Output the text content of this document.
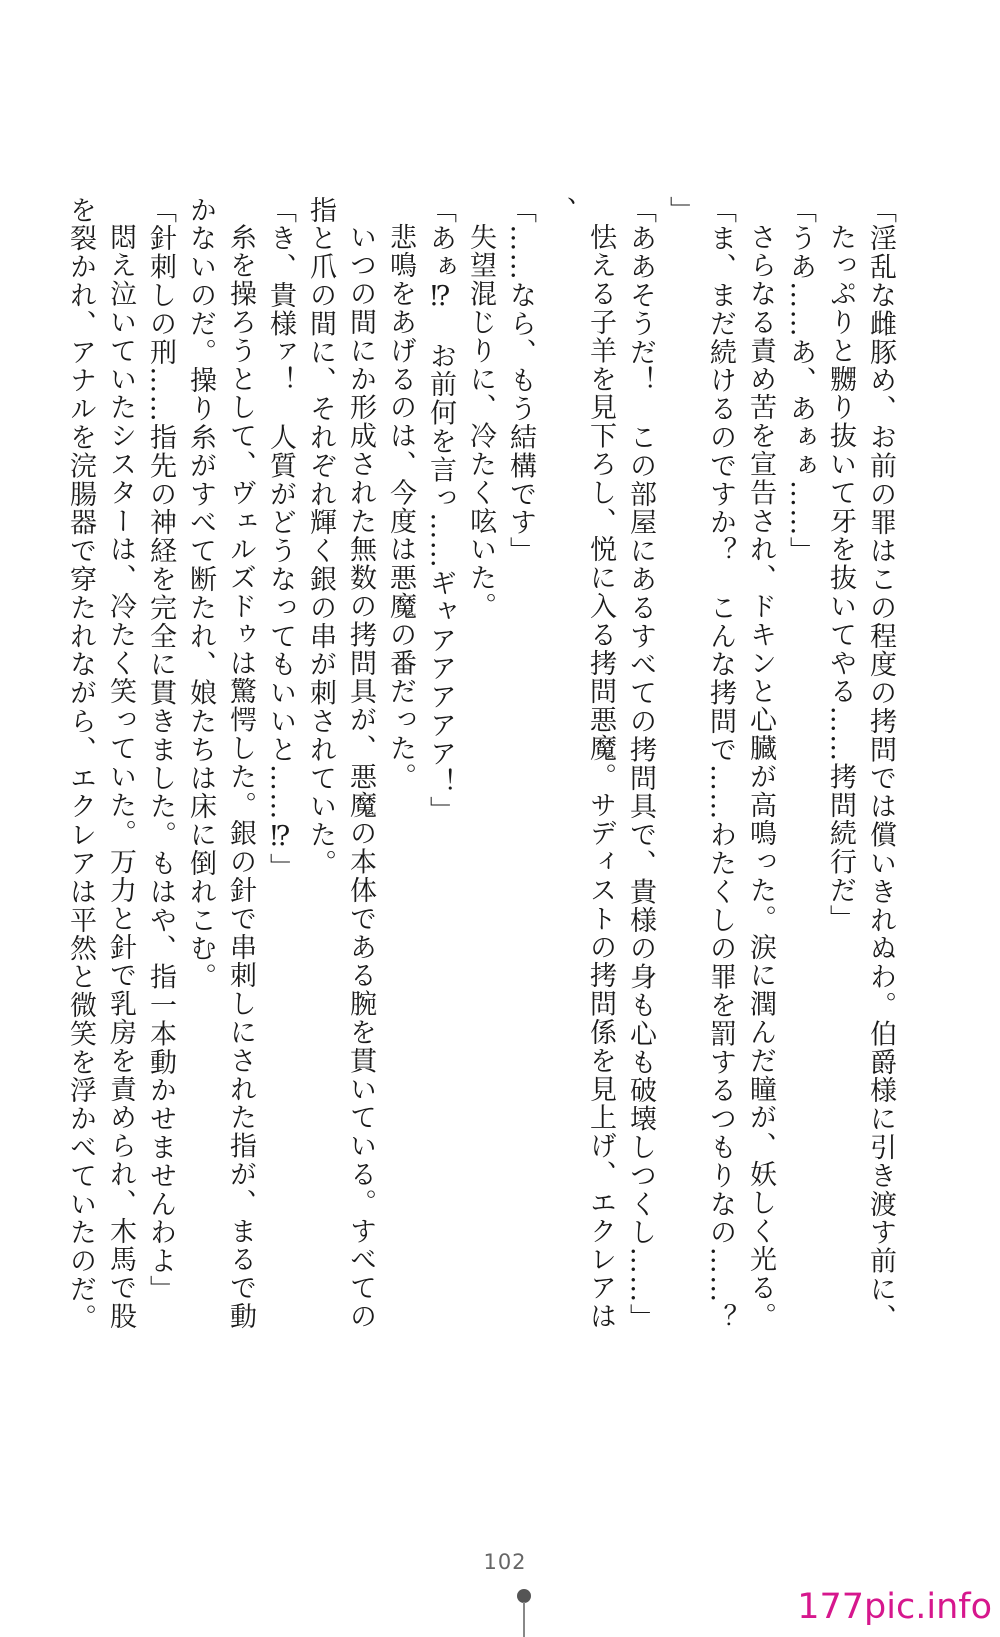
「淫乱な雌豚め、お前の罪はこの程度の拷問では償いきれぬわ。伯爵様に引き渡す前に、

たっぷりと嬲り抜いて牙を抜いてやる……拷問続行だ」

「うあ……あ、あぁぁ……」

さらなる責め苦を宣告され、ドキンと心臓が高鳴った。涙に潤んだ瞳が、妖しく光る。

「ま、まだ続けるのですか？　こんな拷問で……わたくしの罪を罰するつもりなの……？」

「ああそうだ！　この部屋にあるすべての拷問具で、貴様の身も心も破壊しつくし……」

怯える子羊を見下ろし、悦に入る拷問悪魔。サディストの拷問係を見上げ、エクレアは、

「……なら、もう結構です」

失望混じりに、冷たく呟いた。

「あぁ⁉　お前何を言っ……ギャアアアアア！」

悲鳴をあげるのは、今度は悪魔の番だった。

いつの間にか形成された無数の拷問具が、悪魔の本体である腕を貫いている。すべての

指と爪の間に、それぞれ輝く銀の串が刺されていた。

「き、貴様ァ！　人質がどうなってもいいと……⁉」

糸を操ろうとして、ヴェルズドゥは驚愕した。銀の針で串刺しにされた指が、まるで動

かないのだ。操り糸がすべて断たれ、娘たちは床に倒れこむ。

「針刺しの刑……指先の神経を完全に貫きました。もはや、指一本動かせませんわよ」

悶え泣いていたシスターは、冷たく笑っていた。万力と針で乳房を責められ、木馬で股

を裂かれ、アナルを浣腸器で穿たれながら、エクレアは平然と微笑を浮かべていたのだ。

102
177pic.info
